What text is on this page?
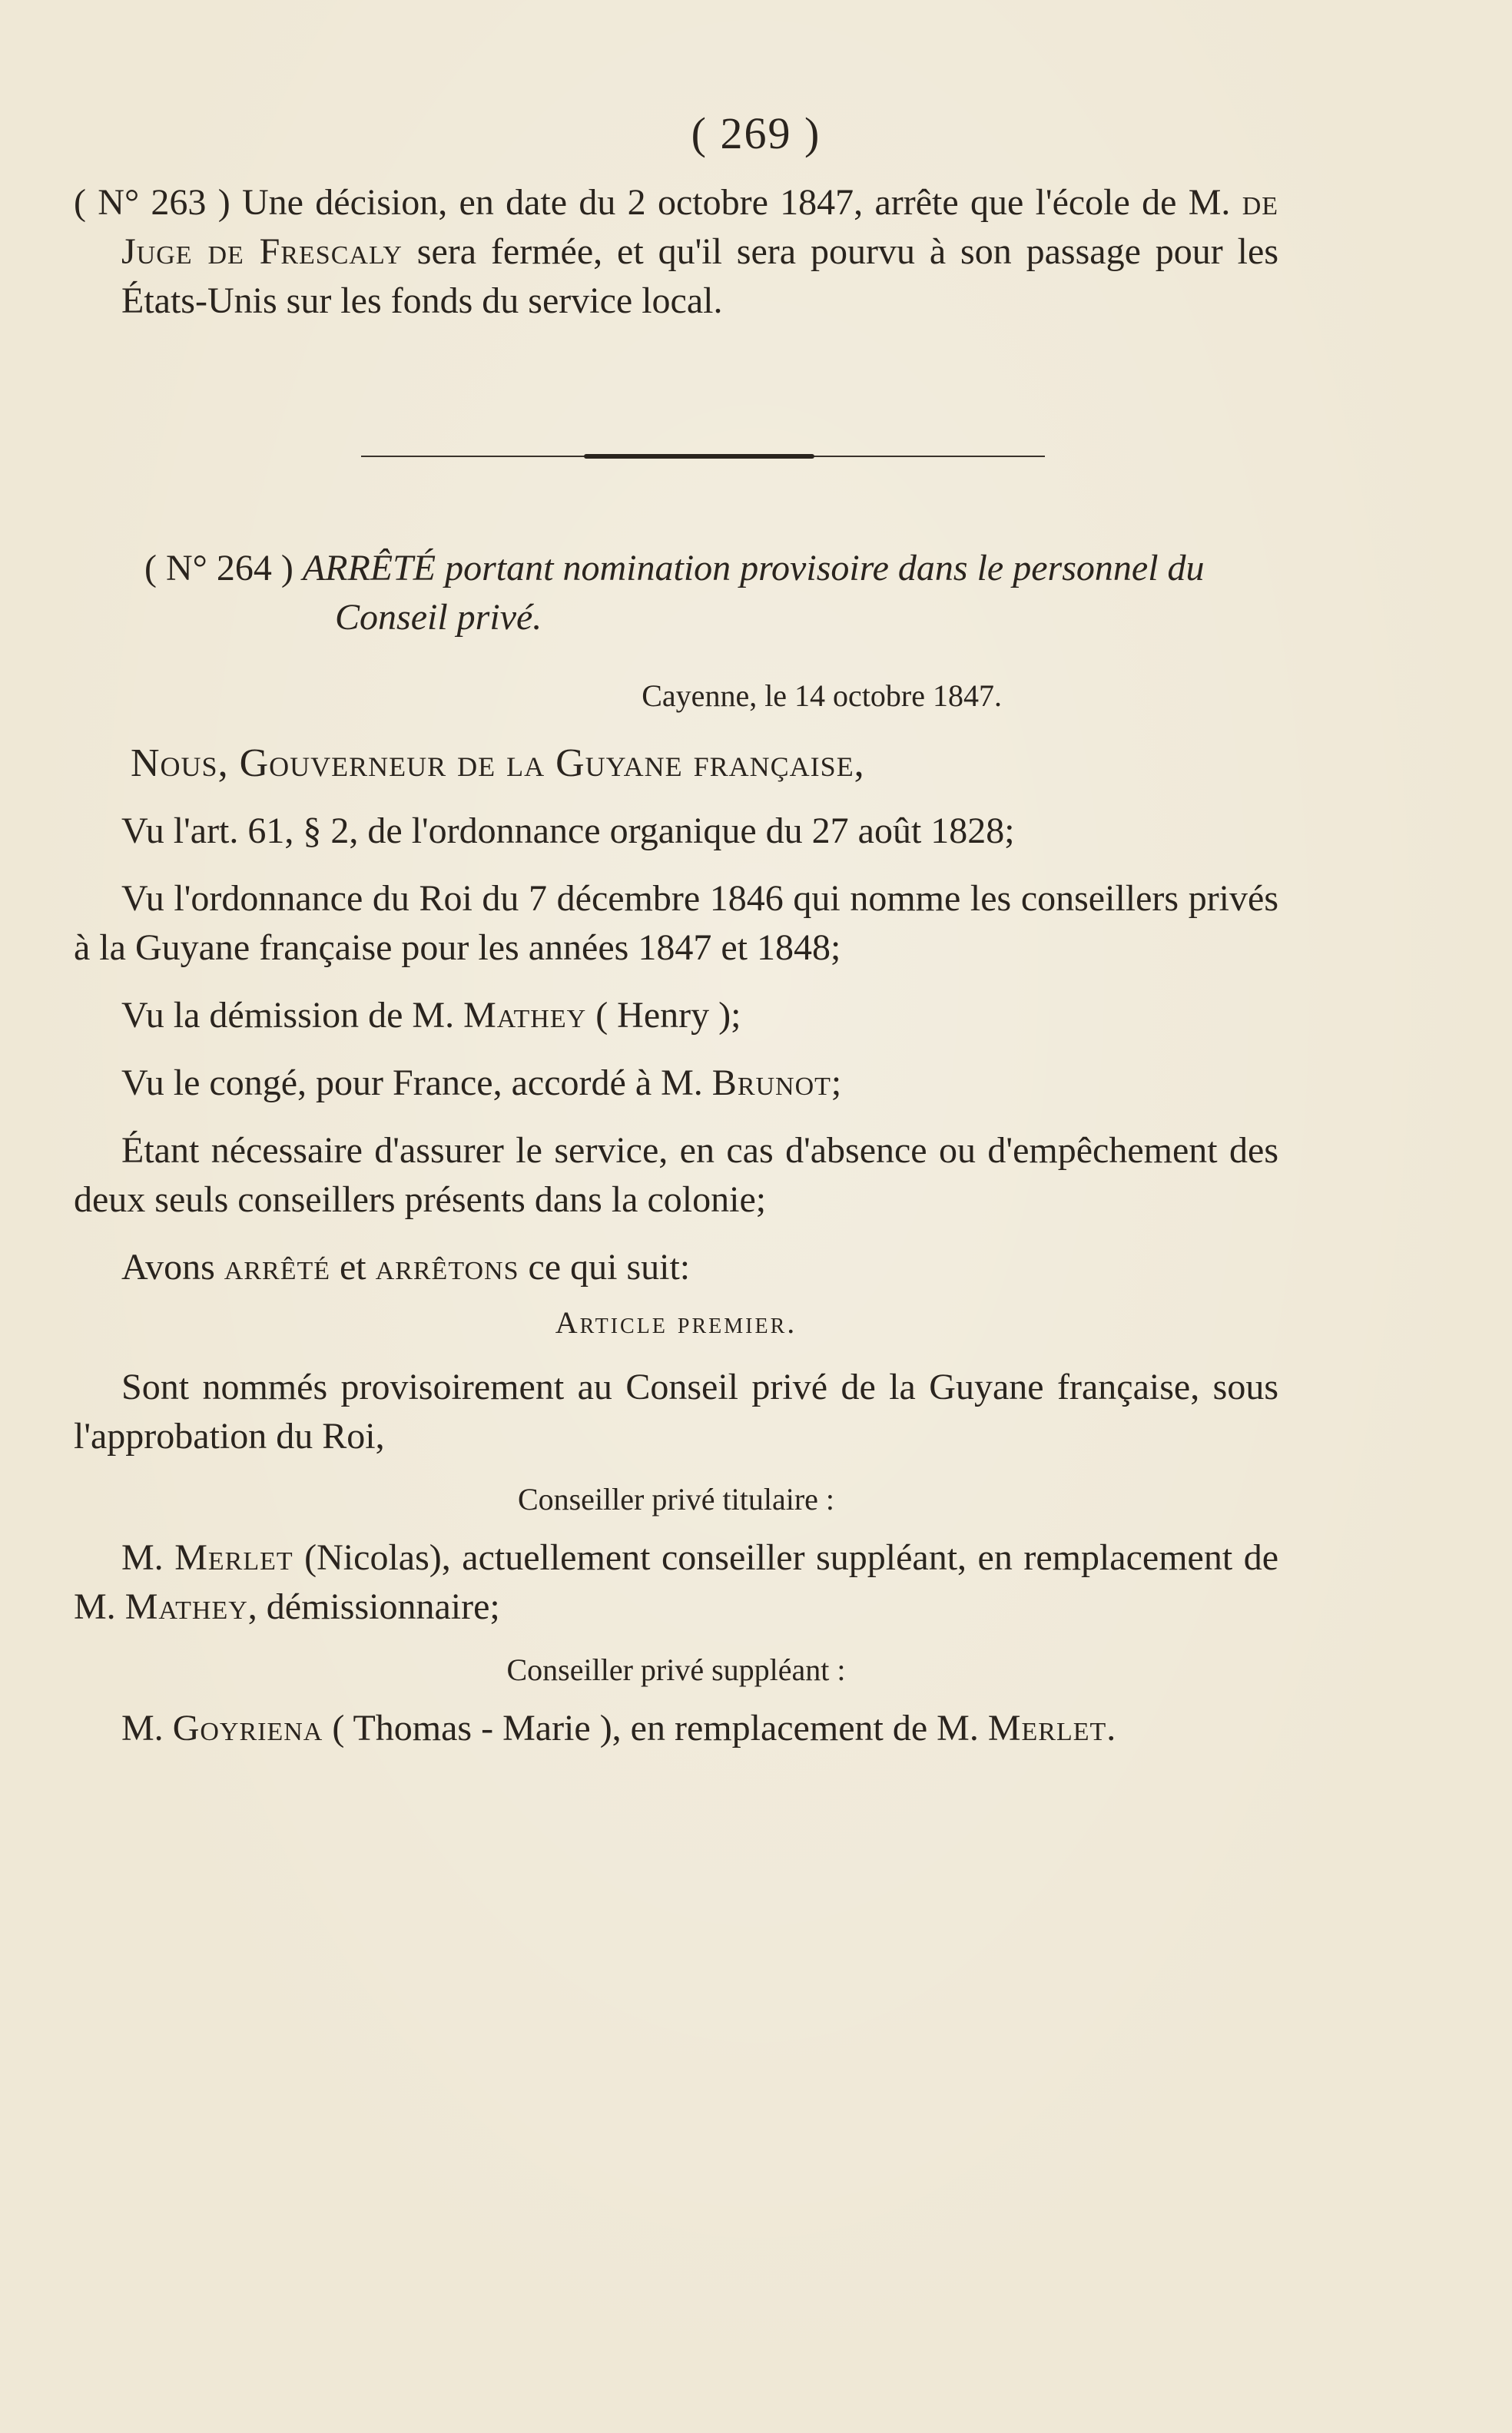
( 269 )

( N° 263 ) Une décision, en date du 2 octobre 1847, arrête que l'école de M. de Juge de Frescaly sera fermée, et qu'il sera pourvu à son passage pour les États-Unis sur les fonds du service local.

( N° 264 ) ARRÊTÉ portant nomination provisoire dans le personnel du Conseil privé.

Cayenne, le 14 octobre 1847.

Nous, Gouverneur de la Guyane française,

Vu l'art. 61, § 2, de l'ordonnance organique du 27 août 1828;

Vu l'ordonnance du Roi du 7 décembre 1846 qui nomme les conseillers privés à la Guyane française pour les années 1847 et 1848;

Vu la démission de M. Mathey ( Henry );

Vu le congé, pour France, accordé à M. Brunot;

Étant nécessaire d'assurer le service, en cas d'absence ou d'empêchement des deux seuls conseillers présents dans la colonie;

Avons arrêté et arrêtons ce qui suit:

Article premier.

Sont nommés provisoirement au Conseil privé de la Guyane française, sous l'approbation du Roi,

Conseiller privé titulaire :

M. Merlet (Nicolas), actuellement conseiller suppléant, en remplacement de M. Mathey, démissionnaire;

Conseiller privé suppléant :

M. Goyriena ( Thomas - Marie ), en remplacement de M. Merlet.
